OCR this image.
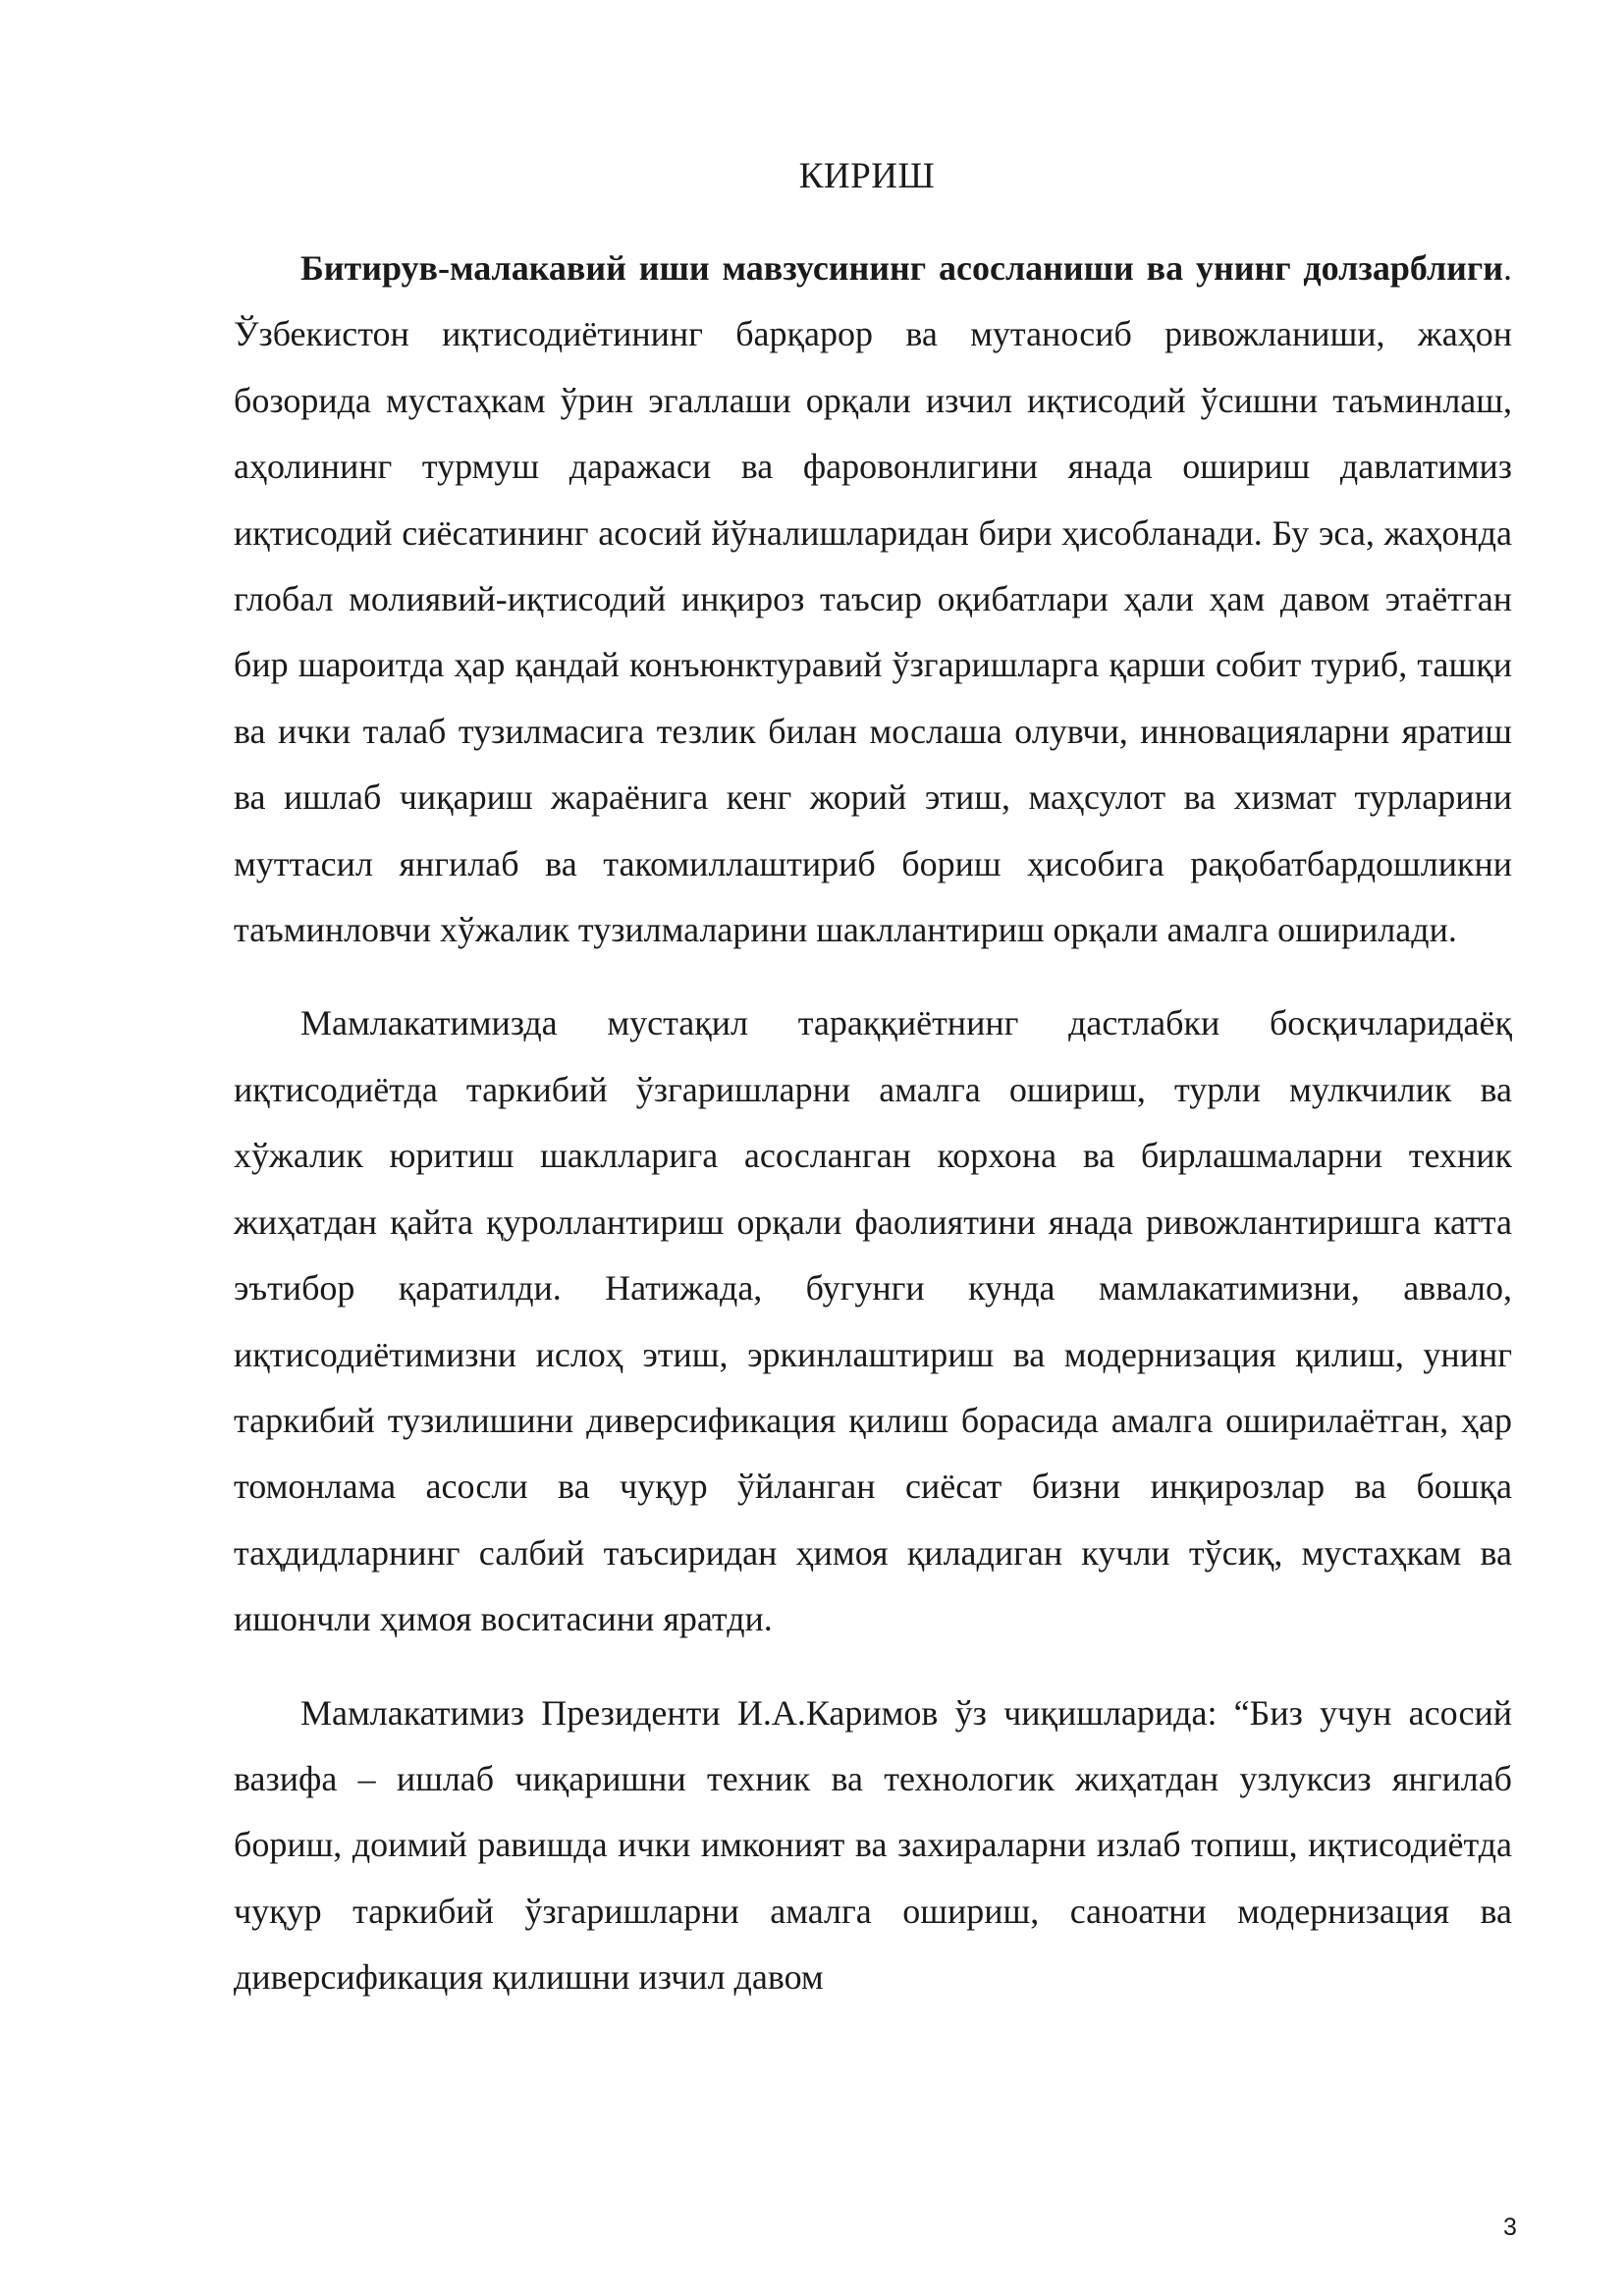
КИРИШ

Битирув-малакавий иши мавзусининг асосланиши ва унинг долзарблиги. Ўзбекистон иқтисодиётининг барқарор ва мутаносиб ривожланиши, жаҳон бозорида мустаҳкам ўрин эгаллаши орқали изчил иқтисодий ўсишни таъминлаш, аҳолининг турмуш даражаси ва фаровонлигини янада ошириш давлатимиз иқтисодий сиёсатининг асосий йўналишларидан бири ҳисобланади. Бу эса, жаҳонда глобал молиявий-иқтисодий инқироз таъсир оқибатлари ҳали ҳам давом этаётган бир шароитда ҳар қандай конъюнктуравий ўзгаришларга қарши собит туриб, ташқи ва ички талаб тузилмасига тезлик билан мослаша олувчи, инновацияларни яратиш ва ишлаб чиқариш жараёнига кенг жорий этиш, маҳсулот ва хизмат турларини муттасил янгилаб ва такомиллаштириб бориш ҳисобига рақобатбардошликни таъминловчи хўжалик тузилмаларини шакллантириш орқали амалга оширилади.

Мамлакатимизда мустақил тараққиётнинг дастлабки босқичларидаёқ иқтисодиётда таркибий ўзгаришларни амалга ошириш, турли мулкчилик ва хўжалик юритиш шаклларига асосланган корхона ва бирлашмаларни техник жиҳатдан қайта қуроллантириш орқали фаолиятини янада ривожлантиришга катта эътибор қаратилди. Натижада, бугунги кунда мамлакатимизни, аввало, иқтисодиётимизни ислоҳ этиш, эркинлаштириш ва модернизация қилиш, унинг таркибий тузилишини диверсификация қилиш борасида амалга оширилаётган, ҳар томонлама асосли ва чуқур ўйланган сиёсат бизни инқирозлар ва бошқа таҳдидларнинг салбий таъсиридан ҳимоя қиладиган кучли тўсиқ, мустаҳкам ва ишончли ҳимоя воситасини яратди.

Мамлакатимиз Президенти И.А.Каримов ўз чиқишларида: “Биз учун асосий вазифа – ишлаб чиқаришни техник ва технологик жиҳатдан узлуксиз янгилаб бориш, доимий равишда ички имконият ва захираларни излаб топиш, иқтисодиётда чуқур таркибий ўзгаришларни амалга ошириш, саноатни модернизация ва диверсификация қилишни изчил давом

3
